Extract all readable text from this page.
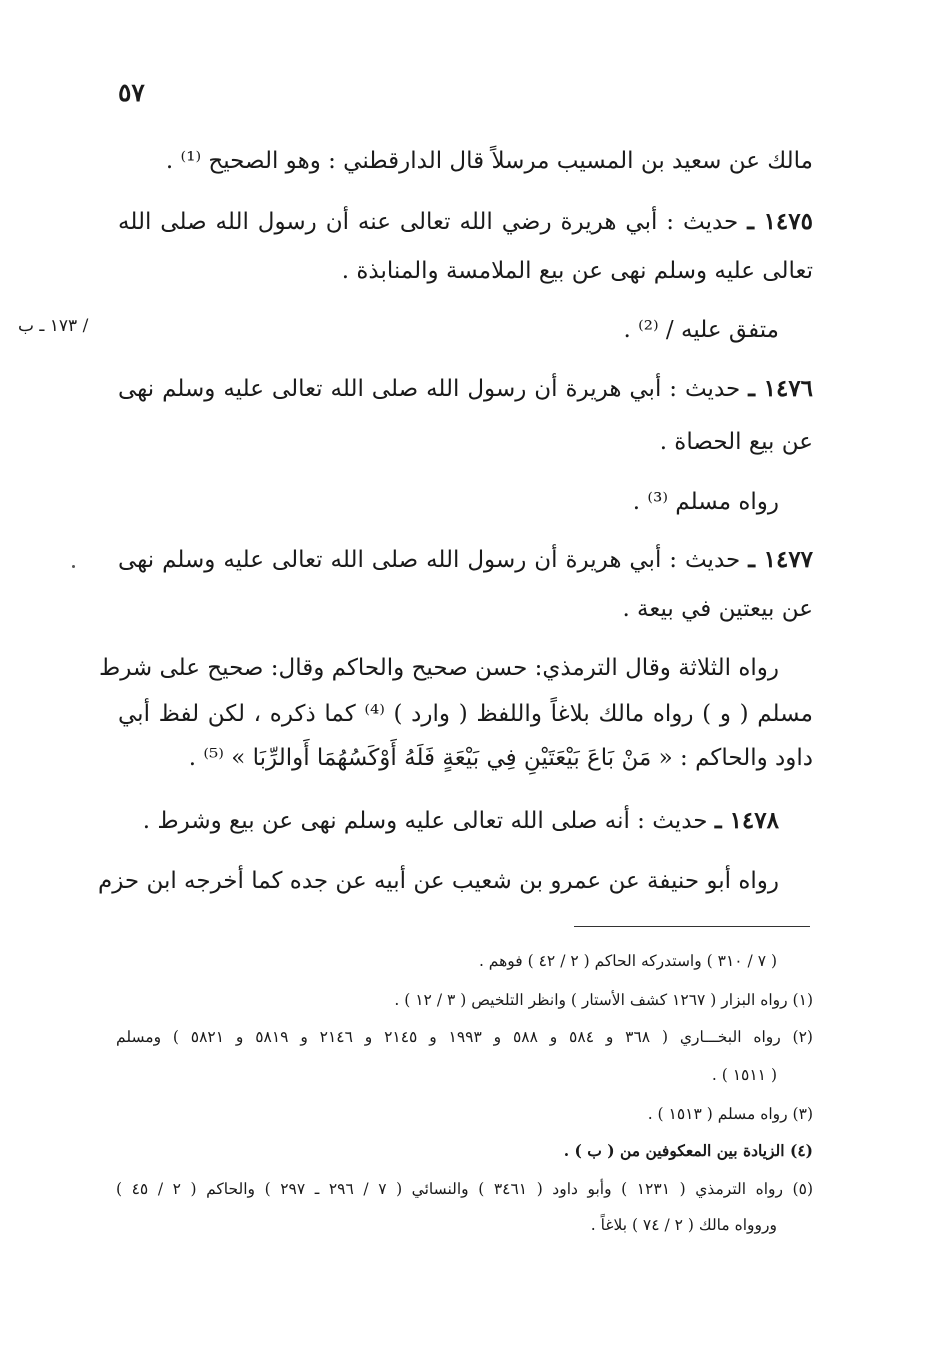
٥٧
/ ١٧٣ ـ ب
مالك عن سعيد بن المسيب مرسلاً قال الدارقطني : وهو الصحيح ⁽¹⁾ .
١٤٧٥ ـ حديث : أبي هريرة رضي الله تعالى عنه أن رسول الله صلى الله
تعالى عليه وسلم نهى عن بيع الملامسة والمنابذة .
متفق عليه / ⁽²⁾ .
١٤٧٦ ـ حديث : أبي هريرة أن رسول الله صلى الله تعالى عليه وسلم نهى
عن بيع الحصاة .
رواه مسلم ⁽³⁾ .
١٤٧٧ ـ حديث : أبي هريرة أن رسول الله صلى الله تعالى عليه وسلم نهى
عن بيعتين في بيعة .
رواه الثلاثة وقال الترمذي: حسن صحيح والحاكم وقال: صحيح على شرط
مسلم ( و ) رواه مالك بلاغاً واللفظ ( وارد ) ⁽⁴⁾ كما ذكره ، لكن لفظ أبي
داود والحاكم : « مَنْ بَاعَ بَيْعَتَيْنِ فِي بَيْعَةٍ فَلَهُ أَوْكَسُهُمَا أَوالرِّبَا » ⁽⁵⁾ .
١٤٧٨ ـ حديث : أنه صلى الله تعالى عليه وسلم نهى عن بيع وشرط .
رواه أبو حنيفة عن عمرو بن شعيب عن أبيه عن جده كما أخرجه ابن حزم
( ٧ / ٣١٠ ) واستدركه الحاكم ( ٢ / ٤٢ ) فوهم .
(١) رواه البزار ( ١٢٦٧ كشف الأستار ) وانظر التلخيص ( ٣ / ١٢ ) .
(٢) رواه البخـــاري ( ٣٦٨ و ٥٨٤ و ٥٨٨ و ١٩٩٣ و ٢١٤٥ و ٢١٤٦ و ٥٨١٩ و ٥٨٢١ ) ومسلم
( ١٥١١ ) .
(٣) رواه مسلم ( ١٥١٣ ) .
(٤) الزيادة بين المعكوفين من ( ب ) .
(٥) رواه الترمذي ( ١٢٣١ ) وأبو داود ( ٣٤٦١ ) والنسائي ( ٧ / ٢٩٦ ـ ٢٩٧ ) والحاكم ( ٢ / ٤٥ )
وروواه مالك ( ٢ / ٧٤ ) بلاغاً .
